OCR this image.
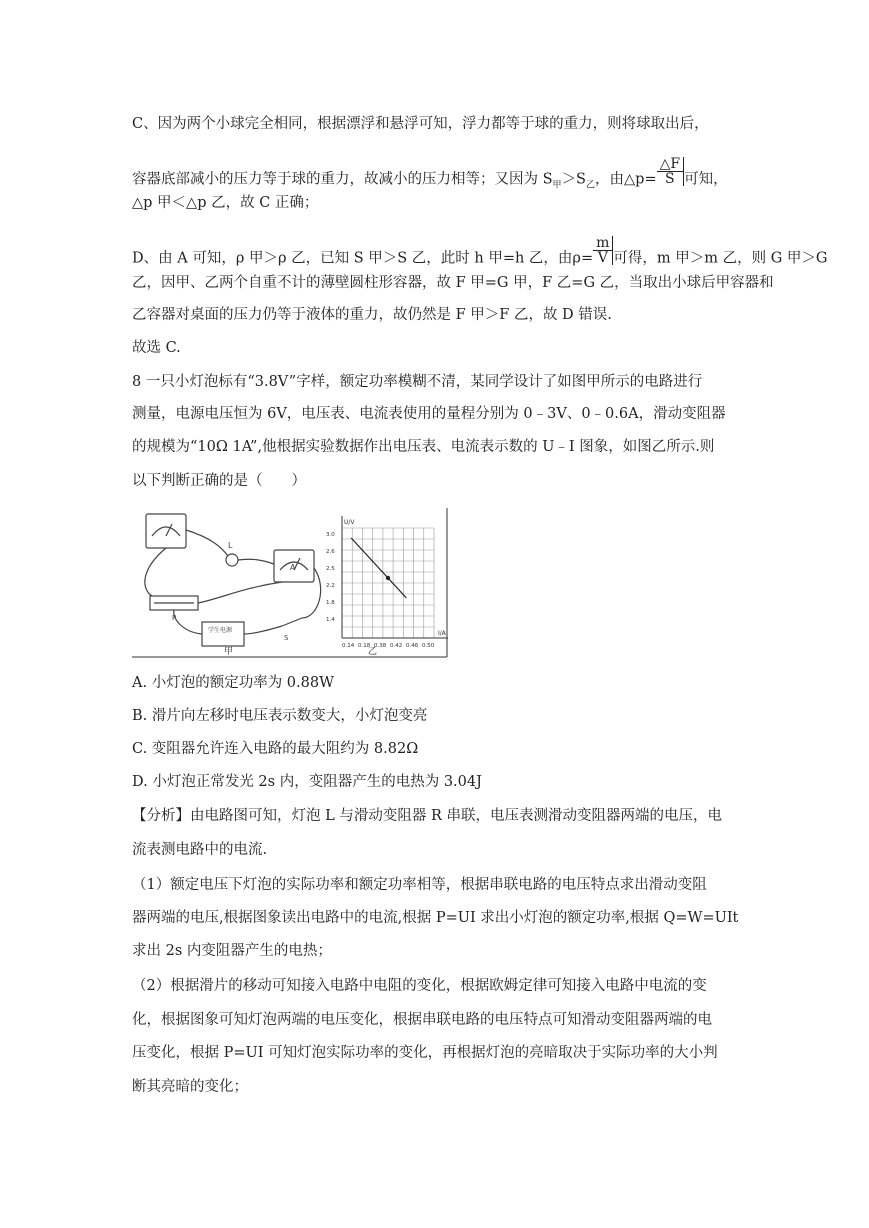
C、因为两个小球完全相同，根据漂浮和悬浮可知，浮力都等于球的重力，则将球取出后，
容器底部减小的压力等于球的重力，故减小的压力相等；又因为 $S_甲>S_乙$，由△p= $\frac{\triangle F}{S}$ 可知，
△p 甲＜△p 乙，故 C 正确；
D、由 A 可知，ρ 甲＞ρ 乙，已知 S 甲＞S 乙，此时 h 甲=h 乙，由$\rho= \frac{m}{V}$ 可得，m 甲＞m 乙，则 G 甲＞G
乙，因甲、乙两个自重不计的薄壁圆柱形容器，故 F 甲=G 甲，F 乙=G 乙，当取出小球后甲容器和
乙容器对桌面的压力仍等于液体的重力，故仍然是 F 甲＞F 乙，故 D 错误.
故选 C.
8 一只小灯泡标有“3.8V”字样，额定功率模糊不清，某同学设计了如图甲所示的电路进行
测量，电源电压恒为 6V，电压表、电流表使用的量程分别为 0﹣3V、0﹣0.6A，滑动变阻器
的规模为“10Ω 1A”,他根据实验数据作出电压表、电流表示数的 U﹣I 图象，如图乙所示.则
以下判断正确的是（　　）
L
A
学生电源
S
R
甲
U/V
I/A
3.0
2.6
2.5
2.2
1.8
1.4
0.14 0.18 0.38 0.42 0.46 0.50
乙
A. 小灯泡的额定功率为 0.88W
B. 滑片向左移时电压表示数变大，小灯泡变亮
C. 变阻器允许连入电路的最大阻约为 8.82Ω
D. 小灯泡正常发光 2s 内，变阻器产生的电热为 3.04J
【分析】由电路图可知，灯泡 L 与滑动变阻器 R 串联，电压表测滑动变阻器两端的电压，电
流表测电路中的电流.
（1）额定电压下灯泡的实际功率和额定功率相等，根据串联电路的电压特点求出滑动变阻
器两端的电压,根据图象读出电路中的电流,根据 P=UI 求出小灯泡的额定功率,根据 Q=W=UIt
求出 2s 内变阻器产生的电热；
（2）根据滑片的移动可知接入电路中电阻的变化，根据欧姆定律可知接入电路中电流的变
化，根据图象可知灯泡两端的电压变化，根据串联电路的电压特点可知滑动变阻器两端的电
压变化，根据 P=UI 可知灯泡实际功率的变化，再根据灯泡的亮暗取决于实际功率的大小判
断其亮暗的变化；
